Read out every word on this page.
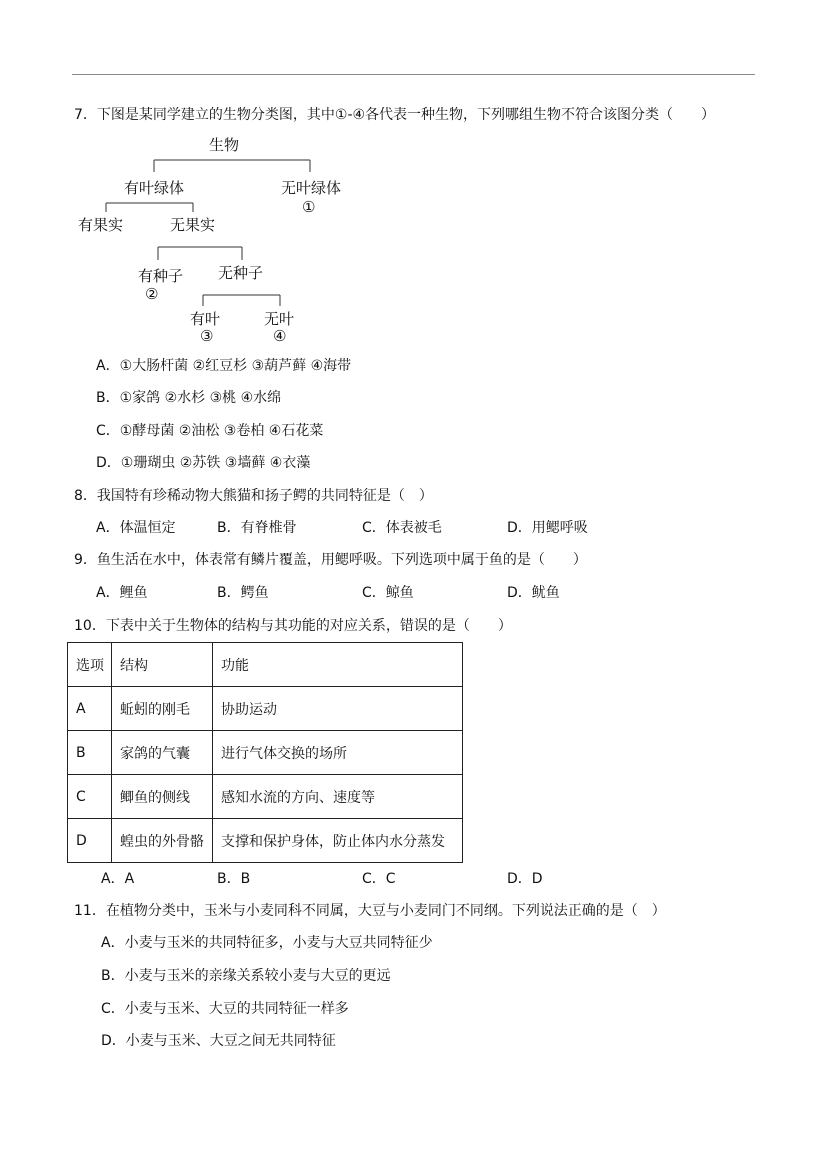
7．下图是某同学建立的生物分类图，其中①-④各代表一种生物，下列哪组生物不符合该图分类（　　）
生物
有叶绿体	无叶绿体
①
有果实	无果实
有种子
②
无种子
有叶
③
无叶
④
A．①大肠杆菌 ②红豆杉 ③葫芦藓 ④海带
B．①家鸽 ②水杉 ③桃 ④水绵
C．①酵母菌 ②油松 ③卷柏 ④石花菜
D．①珊瑚虫 ②苏铁 ③墙藓 ④衣藻
8．我国特有珍稀动物大熊猫和扬子鳄的共同特征是（　）
A．体温恒定	B．有脊椎骨	C．体表被毛	D．用鳃呼吸
9．鱼生活在水中，体表常有鳞片覆盖，用鳃呼吸。下列选项中属于鱼的是（　　）
A．鲤鱼	B．鳄鱼	C．鲸鱼	D．鱿鱼
10．下表中关于生物体的结构与其功能的对应关系，错误的是（　　）
选项	结构	功能
A	蚯蚓的刚毛	协助运动
B	家鸽的气囊	进行气体交换的场所
C	鲫鱼的侧线	感知水流的方向、速度等
D	蝗虫的外骨骼	支撑和保护身体，防止体内水分蒸发
A．A	B．B	C．C	D．D
11．在植物分类中，玉米与小麦同科不同属，大豆与小麦同门不同纲。下列说法正确的是（　）
A．小麦与玉米的共同特征多，小麦与大豆共同特征少
B．小麦与玉米的亲缘关系较小麦与大豆的更远
C．小麦与玉米、大豆的共同特征一样多
D．小麦与玉米、大豆之间无共同特征
